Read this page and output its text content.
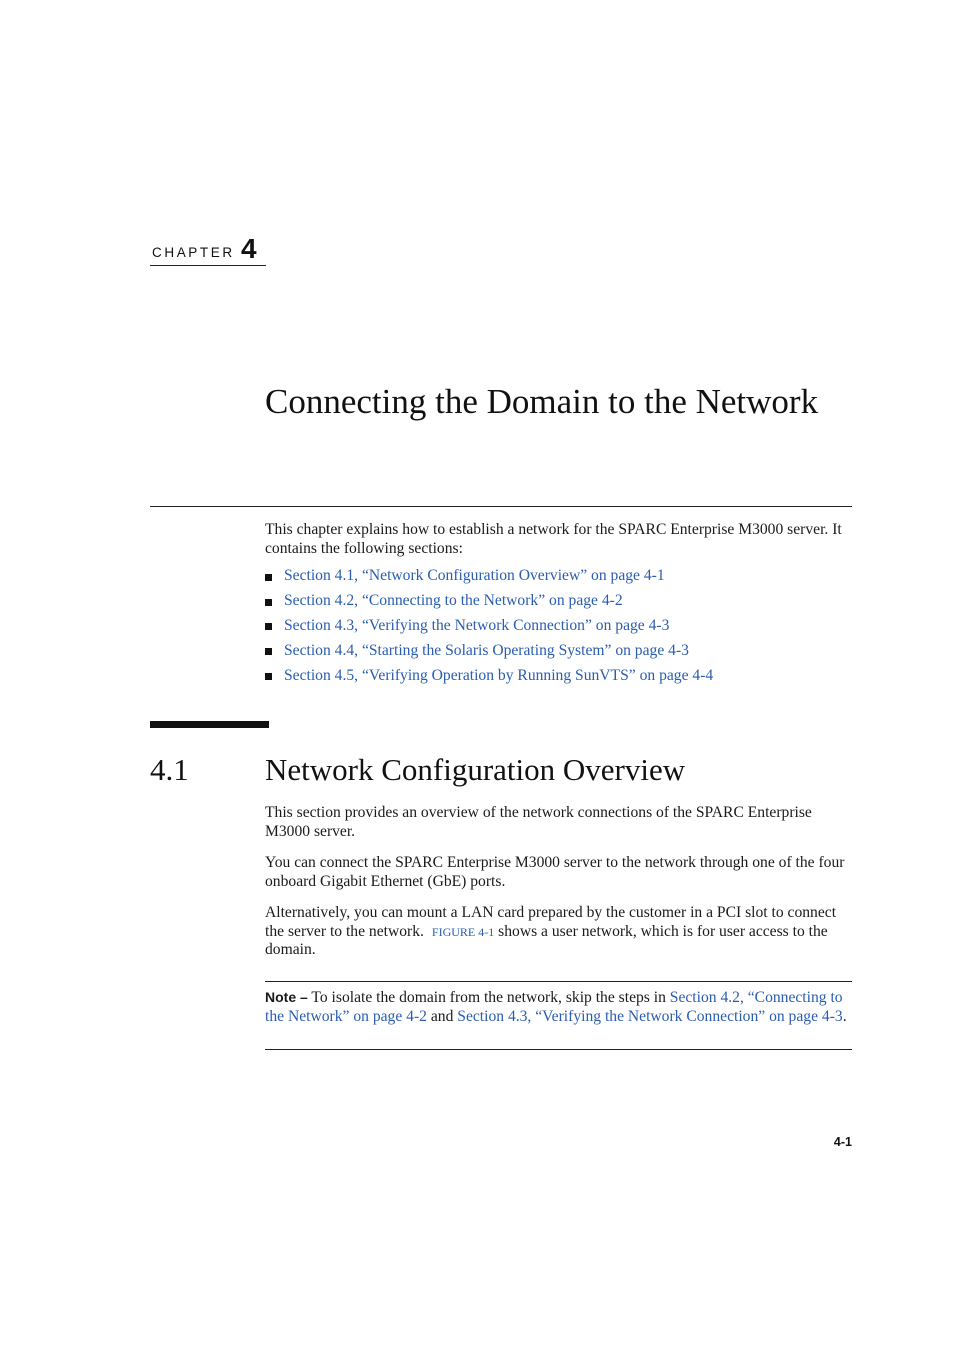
CHAPTER 4
Connecting the Domain to the Network

This chapter explains how to establish a network for the SPARC Enterprise M3000 server. It contains the following sections:

Section 4.1, “Network Configuration Overview” on page 4-1
Section 4.2, “Connecting to the Network” on page 4-2
Section 4.3, “Verifying the Network Connection” on page 4-3
Section 4.4, “Starting the Solaris Operating System” on page 4-3
Section 4.5, “Verifying Operation by Running SunVTS” on page 4-4
4.1 Network Configuration Overview

This section provides an overview of the network connections of the SPARC Enterprise M3000 server.

You can connect the SPARC Enterprise M3000 server to the network through one of the four onboard Gigabit Ethernet (GbE) ports.

Alternatively, you can mount a LAN card prepared by the customer in a PCI slot to connect the server to the network. FIGURE 4-1 shows a user network, which is for user access to the domain.

Note – To isolate the domain from the network, skip the steps in Section 4.2, “Connecting to the Network” on page 4-2 and Section 4.3, “Verifying the Network Connection” on page 4-3.

4-1
